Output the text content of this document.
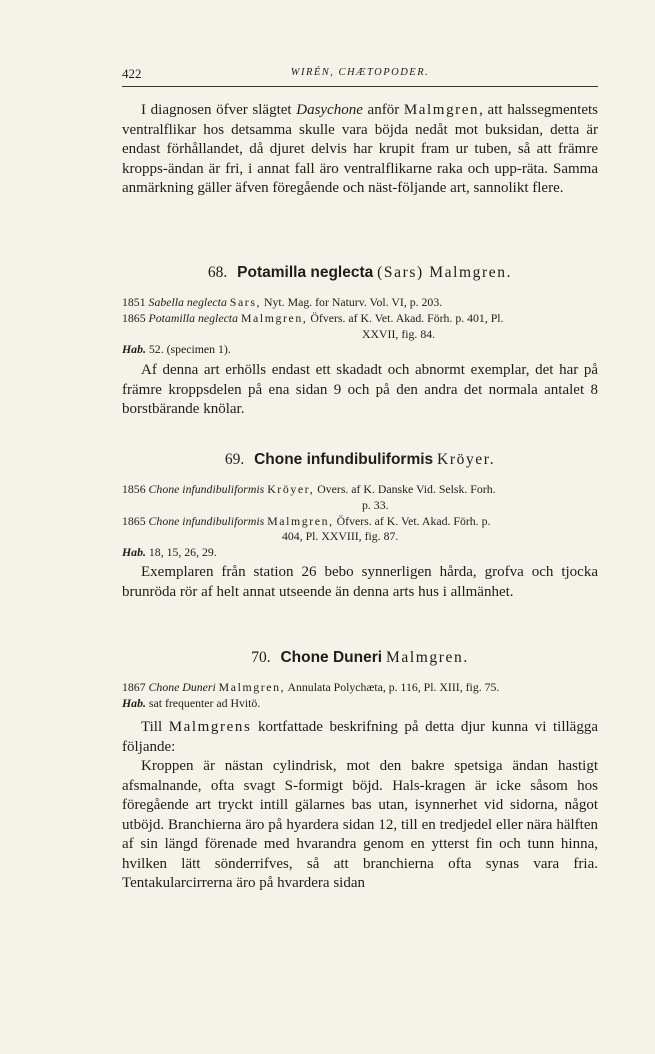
422	WIRÉN, CHÆTOPODER.

I diagnosen öfver slägtet Dasychone anför Malmgren, att halssegmentets ventralflikar hos detsamma skulle vara böjda nedåt mot buksidan, detta är endast förhållandet, då djuret delvis har krupit fram ur tuben, så att främre kropps-ändan är fri, i annat fall äro ventralflikarne raka och upp-räta. Samma anmärkning gäller äfven föregående och näst-följande art, sannolikt flere.

68. Potamilla neglecta (Sars) Malmgren.
1851 Sabella neglecta Sars, Nyt. Mag. for Naturv. Vol. VI, p. 203.
1865 Potamilla neglecta Malmgren, Öfvers. af K. Vet. Akad. Förh. p. 401, Pl.
XXVII, fig. 84.
Hab. 52. (specimen 1).

Af denna art erhölls endast ett skadadt och abnormt exemplar, det har på främre kroppsdelen på ena sidan 9 och på den andra det normala antalet 8 borstbärande knölar.

69. Chone infundibuliformis Kröyer.
1856 Chone infundibuliformis Kröyer, Overs. af K. Danske Vid. Selsk. Forh.
p. 33.
1865 Chone infundibuliformis Malmgren, Öfvers. af K. Vet. Akad. Förh. p.
404, Pl. XXVIII, fig. 87.
Hab. 18, 15, 26, 29.

Exemplaren från station 26 bebo synnerligen hårda, grofva och tjocka brunröda rör af helt annat utseende än denna arts hus i allmänhet.

70. Chone Duneri Malmgren.
1867 Chone Duneri Malmgren, Annulata Polychæta, p. 116, Pl. XIII, fig. 75.
Hab. sat frequenter ad Hvitö.

Till Malmgrens kortfattade beskrifning på detta djur kunna vi tillägga följande:

Kroppen är nästan cylindrisk, mot den bakre spetsiga ändan hastigt afsmalnande, ofta svagt S-formigt böjd. Hals-kragen är icke såsom hos föregående art tryckt intill gälarnes bas utan, isynnerhet vid sidorna, något utböjd. Branchierna äro på hyardera sidan 12, till en tredjedel eller nära hälften af sin längd förenade med hvarandra genom en ytterst fin och tunn hinna, hvilken lätt sönderrifves, så att branchierna ofta synas vara fria. Tentakularcirrerna äro på hvardera sidan
